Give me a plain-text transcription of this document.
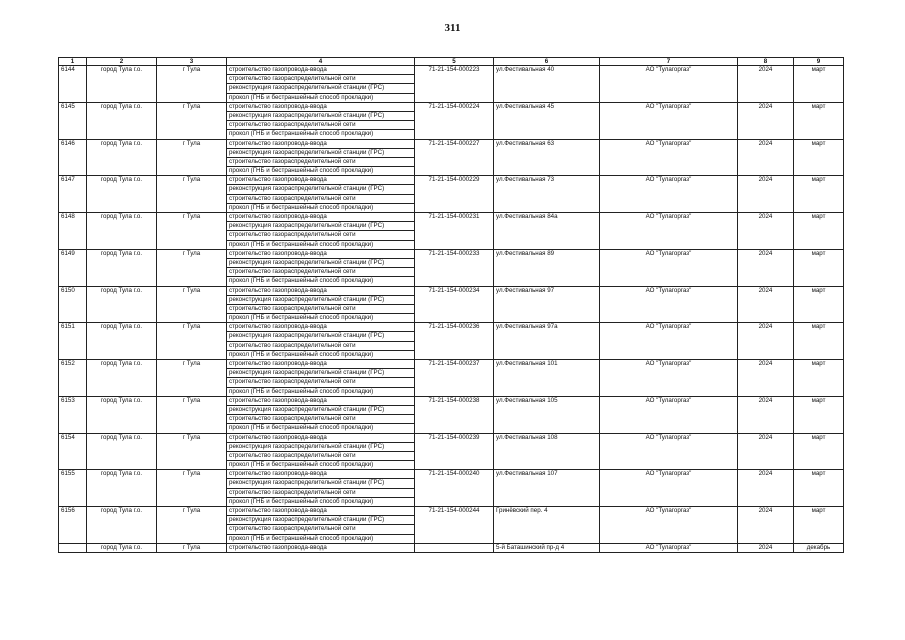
311
1	2	3	4	5	6	7	8	9
6144	город Тула г.о.	г Тула	строительство газопровода-ввода	71-21-154-000223	ул.Фестивальная 40	АО "Тулагоргаз"	2024	март
			строительство газораспределительной сети					
			реконструкция газораспределительной станции (ГРС)					
			прокол (ГНБ и бестраншейный способ прокладки)					
6145	город Тула г.о.	г Тула	строительство газопровода-ввода	71-21-154-000224	ул.Фестивальная 45	АО "Тулагоргаз"	2024	март
			реконструкция газораспределительной станции (ГРС)					
			строительство газораспределительной сети					
			прокол (ГНБ и бестраншейный способ прокладки)					
6146	город Тула г.о.	г Тула	строительство газопровода-ввода	71-21-154-000227	ул.Фестивальная 63	АО "Тулагоргаз"	2024	март
			реконструкция газораспределительной станции (ГРС)					
			строительство газораспределительной сети					
			прокол (ГНБ и бестраншейный способ прокладки)					
6147	город Тула г.о.	г Тула	строительство газопровода-ввода	71-21-154-000229	ул.Фестивальная 73	АО "Тулагоргаз"	2024	март
			реконструкция газораспределительной станции (ГРС)					
			строительство газораспределительной сети					
			прокол (ГНБ и бестраншейный способ прокладки)					
6148	город Тула г.о.	г Тула	строительство газопровода-ввода	71-21-154-000231	ул.Фестивальная 84а	АО "Тулагоргаз"	2024	март
			реконструкция газораспределительной станции (ГРС)					
			строительство газораспределительной сети					
			прокол (ГНБ и бестраншейный способ прокладки)					
6149	город Тула г.о.	г Тула	строительство газопровода-ввода	71-21-154-000233	ул.Фестивальная 89	АО "Тулагоргаз"	2024	март
			реконструкция газораспределительной станции (ГРС)					
			строительство газораспределительной сети					
			прокол (ГНБ и бестраншейный способ прокладки)					
6150	город Тула г.о.	г Тула	строительство газопровода-ввода	71-21-154-000234	ул.Фестивальная 97	АО "Тулагоргаз"	2024	март
			реконструкция газораспределительной станции (ГРС)					
			строительство газораспределительной сети					
			прокол (ГНБ и бестраншейный способ прокладки)					
6151	город Тула г.о.	г Тула	строительство газопровода-ввода	71-21-154-000236	ул.Фестивальная 97а	АО "Тулагоргаз"	2024	март
			реконструкция газораспределительной станции (ГРС)					
			строительство газораспределительной сети					
			прокол (ГНБ и бестраншейный способ прокладки)					
6152	город Тула г.о.	г Тула	строительство газопровода-ввода	71-21-154-000237	ул.Фестивальная 101	АО "Тулагоргаз"	2024	март
			реконструкция газораспределительной станции (ГРС)					
			строительство газораспределительной сети					
			прокол (ГНБ и бестраншейный способ прокладки)					
6153	город Тула г.о.	г Тула	строительство газопровода-ввода	71-21-154-000238	ул.Фестивальная 105	АО "Тулагоргаз"	2024	март
			реконструкция газораспределительной станции (ГРС)					
			строительство газораспределительной сети					
			прокол (ГНБ и бестраншейный способ прокладки)					
6154	город Тула г.о.	г Тула	строительство газопровода-ввода	71-21-154-000239	ул.Фестивальная 108	АО "Тулагоргаз"	2024	март
			реконструкция газораспределительной станции (ГРС)					
			строительство газораспределительной сети					
			прокол (ГНБ и бестраншейный способ прокладки)					
6155	город Тула г.о.	г Тула	строительство газопровода-ввода	71-21-154-000240	ул.Фестивальная 107	АО "Тулагоргаз"	2024	март
			реконструкция газораспределительной станции (ГРС)					
			строительство газораспределительной сети					
			прокол (ГНБ и бестраншейный способ прокладки)					
6156	город Тула г.о.	г Тула	строительство газопровода-ввода	71-21-154-000244	Гринёвский пер. 4	АО "Тулагоргаз"	2024	март
			реконструкция газораспределительной станции (ГРС)					
			строительство газораспределительной сети					
			прокол (ГНБ и бестраншейный способ прокладки)					
	город Тула г.о.	г Тула	строительство газопровода-ввода		5-й Баташинский пр-д 4	АО "Тулагоргаз"	2024	декабрь
